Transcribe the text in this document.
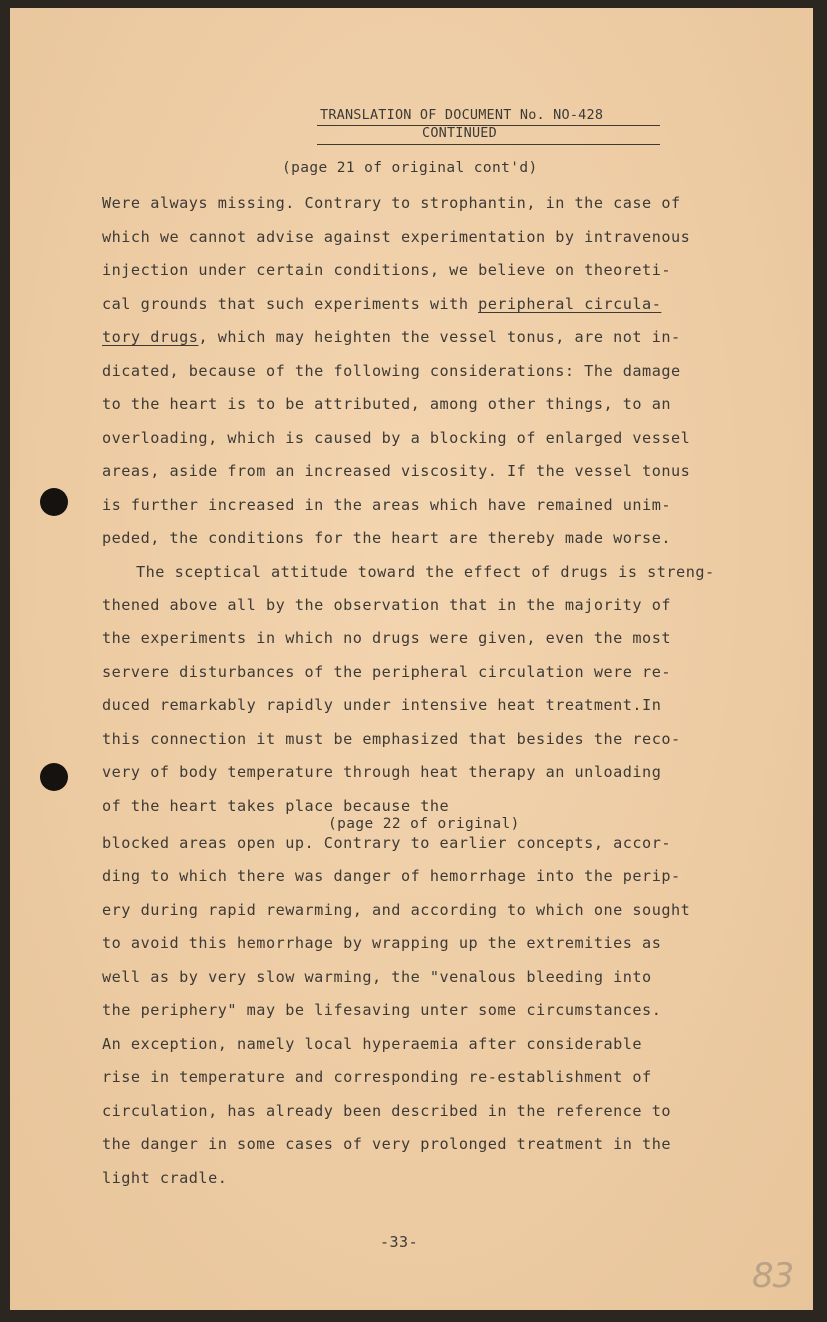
TRANSLATION OF DOCUMENT No. NO-428
CONTINUED
(page 21 of original cont'd)
Were always missing. Contrary to strophantin, in the case of
which we cannot advise against experimentation by intravenous
injection under certain conditions, we believe on theoreti-
cal grounds that such experiments with peripheral circula-
tory drugs, which may heighten the vessel tonus, are not in-
dicated, because of the following considerations: The damage
to the heart is to be attributed, among other things, to an
overloading, which is caused by a blocking of enlarged vessel
areas, aside from an increased viscosity. If the vessel tonus
is further increased in the areas which have remained unim-
peded, the conditions for the heart are thereby made worse.
The sceptical attitude toward the effect of drugs is streng-
thened above all by the observation that in the majority of
the experiments in which no drugs were given, even the most
servere disturbances of the peripheral circulation were re-
duced remarkably rapidly under intensive heat treatment.In
this connection it must be emphasized that besides the reco-
very of body temperature through heat therapy an unloading
of the heart takes place because the
(page 22 of original)
blocked areas open up. Contrary to earlier concepts, accor-
ding to which there was danger of hemorrhage into the perip-
ery during rapid rewarming, and according to which one sought
to avoid this hemorrhage by wrapping up the extremities as
well as by very slow warming, the "venalous bleeding into
the periphery" may be lifesaving unter some circumstances.
An exception, namely local hyperaemia after considerable
rise in temperature and corresponding re-establishment of
circulation, has already been described in the reference to
the danger in some cases of very prolonged treatment in the
light cradle.
-33-
83
